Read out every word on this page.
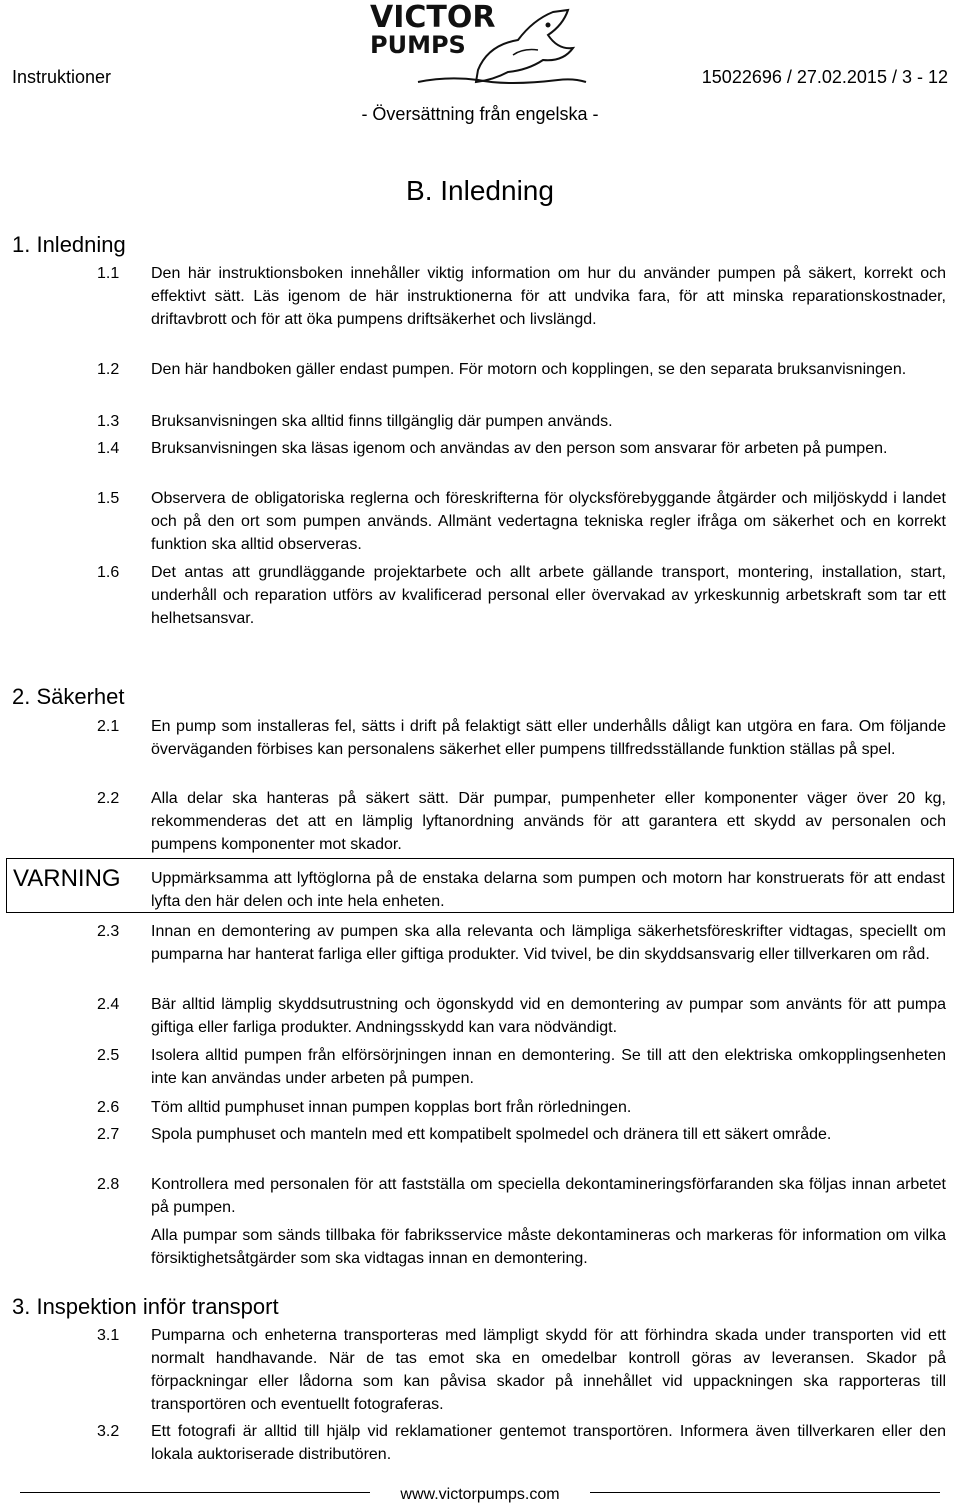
Instruktioner	15022696 / 27.02.2015 / 3 - 12
- Översättning från engelska -
VICTOR
PUMPS
B. Inledning
1. Inledning
1.1 Den här instruktionsboken innehåller viktig information om hur du använder pumpen på säkert, korrekt och effektivt sätt. Läs igenom de här instruktionerna för att undvika fara, för att minska reparationskostnader, driftavbrott och för att öka pumpens driftsäkerhet och livslängd.
1.2 Den här handboken gäller endast pumpen. För motorn och kopplingen, se den separata bruksanvisningen.
1.3 Bruksanvisningen ska alltid finns tillgänglig där pumpen används.
1.4 Bruksanvisningen ska läsas igenom och användas av den person som ansvarar för arbeten på pumpen.
1.5 Observera de obligatoriska reglerna och föreskrifterna för olycksförebyggande åtgärder och miljöskydd i landet och på den ort som pumpen används. Allmänt vedertagna tekniska regler ifråga om säkerhet och en korrekt funktion ska alltid observeras.
1.6 Det antas att grundläggande projektarbete och allt arbete gällande transport, montering, installation, start, underhåll och reparation utförs av kvalificerad personal eller övervakad av yrkeskunnig arbetskraft som tar ett helhetsansvar.
2. Säkerhet
2.1 En pump som installeras fel, sätts i drift på felaktigt sätt eller underhålls dåligt kan utgöra en fara. Om följande överväganden förbises kan personalens säkerhet eller pumpens tillfredsställande funktion ställas på spel.
2.2 Alla delar ska hanteras på säkert sätt. Där pumpar, pumpenheter eller komponenter väger över 20 kg, rekommenderas det att en lämplig lyftanordning används för att garantera ett skydd av personalen och pumpens komponenter mot skador.
VARNING Uppmärksamma att lyftöglorna på de enstaka delarna som pumpen och motorn har konstruerats för att endast lyfta den här delen och inte hela enheten.
2.3 Innan en demontering av pumpen ska alla relevanta och lämpliga säkerhetsföreskrifter vidtagas, speciellt om pumparna har hanterat farliga eller giftiga produkter. Vid tvivel, be din skyddsansvarig eller tillverkaren om råd.
2.4 Bär alltid lämplig skyddsutrustning och ögonskydd vid en demontering av pumpar som använts för att pumpa giftiga eller farliga produkter. Andningsskydd kan vara nödvändigt.
2.5 Isolera alltid pumpen från elförsörjningen innan en demontering. Se till att den elektriska omkopplingsenheten inte kan användas under arbeten på pumpen.
2.6 Töm alltid pumphuset innan pumpen kopplas bort från rörledningen.
2.7 Spola pumphuset och manteln med ett kompatibelt spolmedel och dränera till ett säkert område.
2.8 Kontrollera med personalen för att fastställa om speciella dekontamineringsförfaranden ska följas innan arbetet på pumpen.
Alla pumpar som sänds tillbaka för fabriksservice måste dekontamineras och markeras för information om vilka försiktighetsåtgärder som ska vidtagas innan en demontering.
3. Inspektion inför transport
3.1 Pumparna och enheterna transporteras med lämpligt skydd för att förhindra skada under transporten vid ett normalt handhavande. När de tas emot ska en omedelbar kontroll göras av leveransen. Skador på förpackningar eller lådorna som kan påvisa skador på innehållet vid uppackningen ska rapporteras till transportören och eventuellt fotograferas.
3.2 Ett fotografi är alltid till hjälp vid reklamationer gentemot transportören. Informera även tillverkaren eller den lokala auktoriserade distributören.
www.victorpumps.com
